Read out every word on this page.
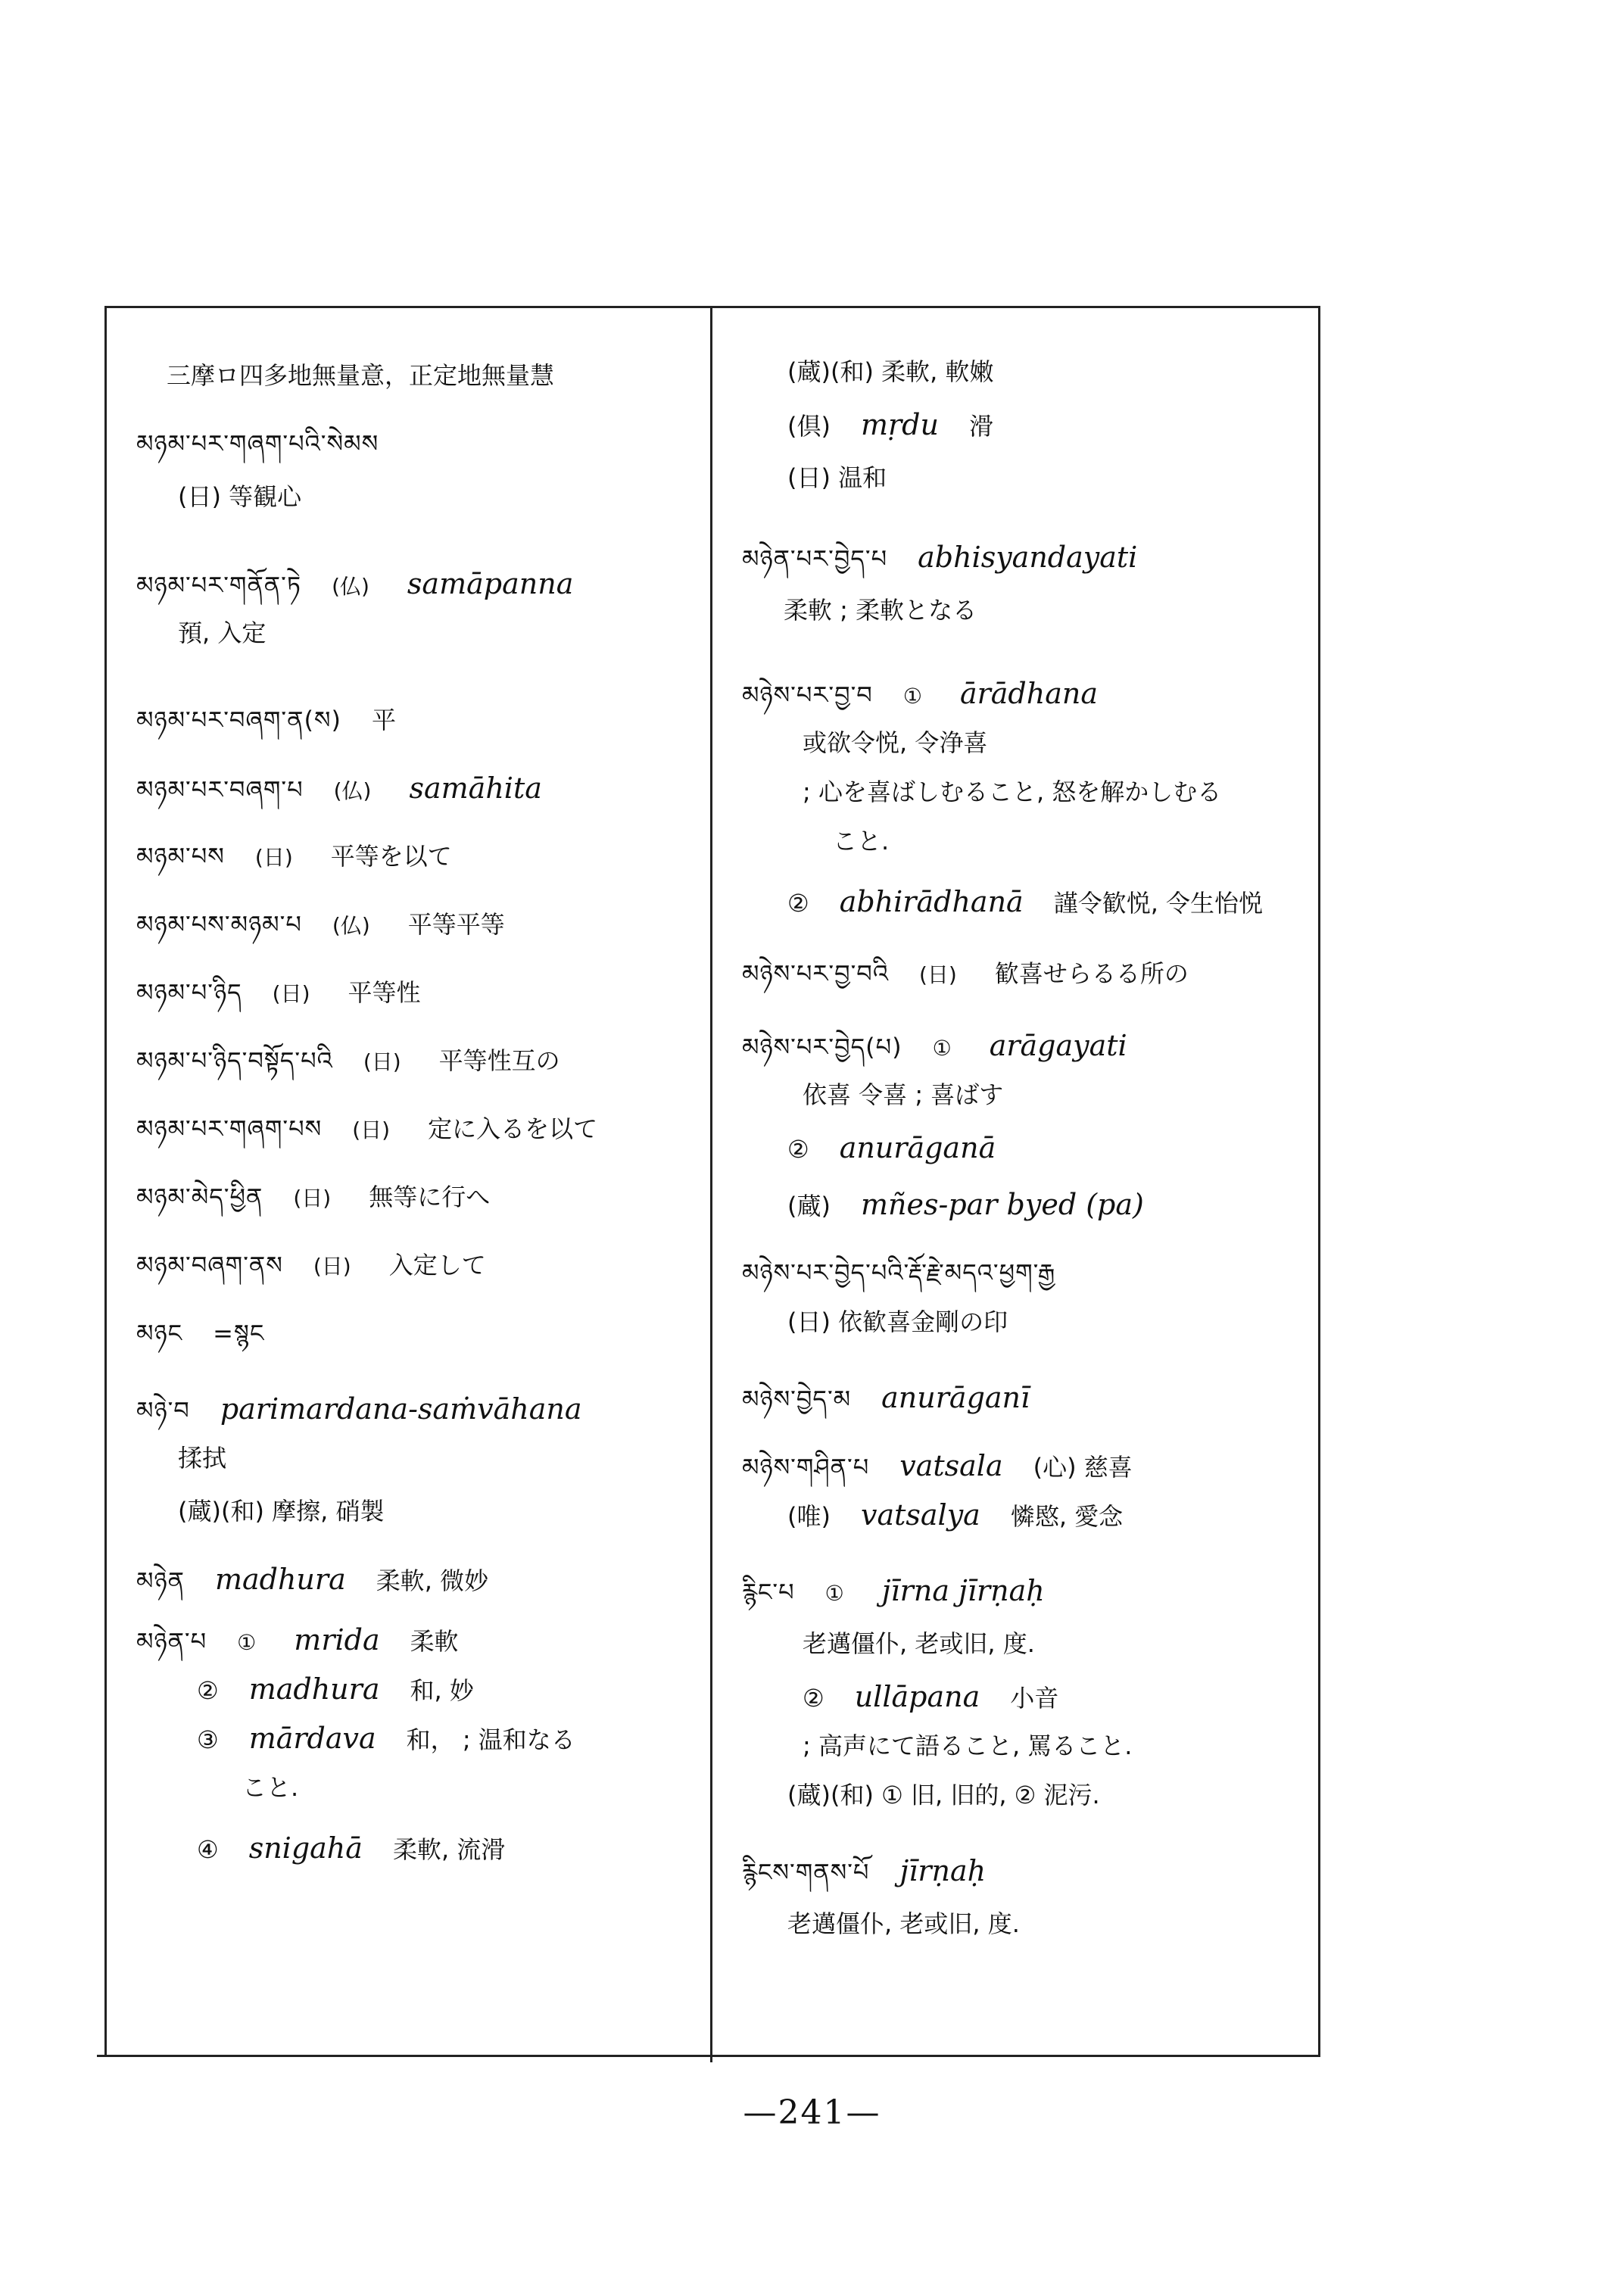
三摩ロ四多地無量意，正定地無量慧
མཉམ་པར་གཞག་པའི་སེམས
(日) 等観心
མཉམ་པར་གནོན་ཏེ (仏) samāpanna
預, 入定
མཉམ་པར་བཞག་ན(ས) 平
མཉམ་པར་བཞག་པ (仏) samāhita
མཉམ་པས (日) 平等を以て
མཉམ་པས་མཉམ་པ (仏) 平等平等
མཉམ་པ་ཉིད (日) 平等性
མཉམ་པ་ཉིད་བསྟོད་པའི (日) 平等性互の
མཉམ་པར་གཞག་པས (日) 定に入るを以て
མཉམ་མེད་ཕྱིན (日) 無等に行へ
མཉམ་བཞག་ནས (日) 入定して
མཉང =སྙང
མཉེ་བ parimardana-saṁvāhana
揉拭
(蔵)(和) 摩擦, 硝製
མཉེན madhura 柔軟, 微妙
མཉེན་པ ① mrida 柔軟
② madhura 和, 妙
③ mārdava 和， ; 温和なる
こと.
④ snigahā 柔軟, 流滑
(蔵)(和) 柔軟, 軟嫩
(倶) mṛdu 滑
(日) 温和
མཉེན་པར་བྱེད་པ abhisyandayati
柔軟 ; 柔軟となる
མཉེས་པར་བྱ་བ ① ārādhana
或欲令悦, 令浄喜
; 心を喜ばしむること, 怒を解かしむる
こと.
② abhirādhanā 謹令歓悦, 令生怡悦
མཉེས་པར་བྱ་བའི (日) 歓喜せらるる所の
མཉེས་པར་བྱེད(པ) ① arāgayati
依喜 令喜 ; 喜ばす
② anurāganā
(蔵) mñes-par byed (pa)
མཉེས་པར་བྱེད་པའི་རྡོ་རྗེ་མདའ་ཕྱག་རྒྱ
(日) 依歓喜金剛の印
མཉེས་བྱེད་མ anurāganī
མཉེས་གཤིན་པ vatsala (心) 慈喜
(唯) vatsalya 憐愍, 愛念
རྙིང་པ ① jīrna jīrṇaḥ
老邁僵仆, 老或旧, 度.
② ullāpana 小音
; 高声にて語ること, 罵ること.
(蔵)(和) ① 旧, 旧的, ② 泥污.
རྙིངས་གནས་པོ jīrṇaḥ
老邁僵仆, 老或旧, 度.
—241—
